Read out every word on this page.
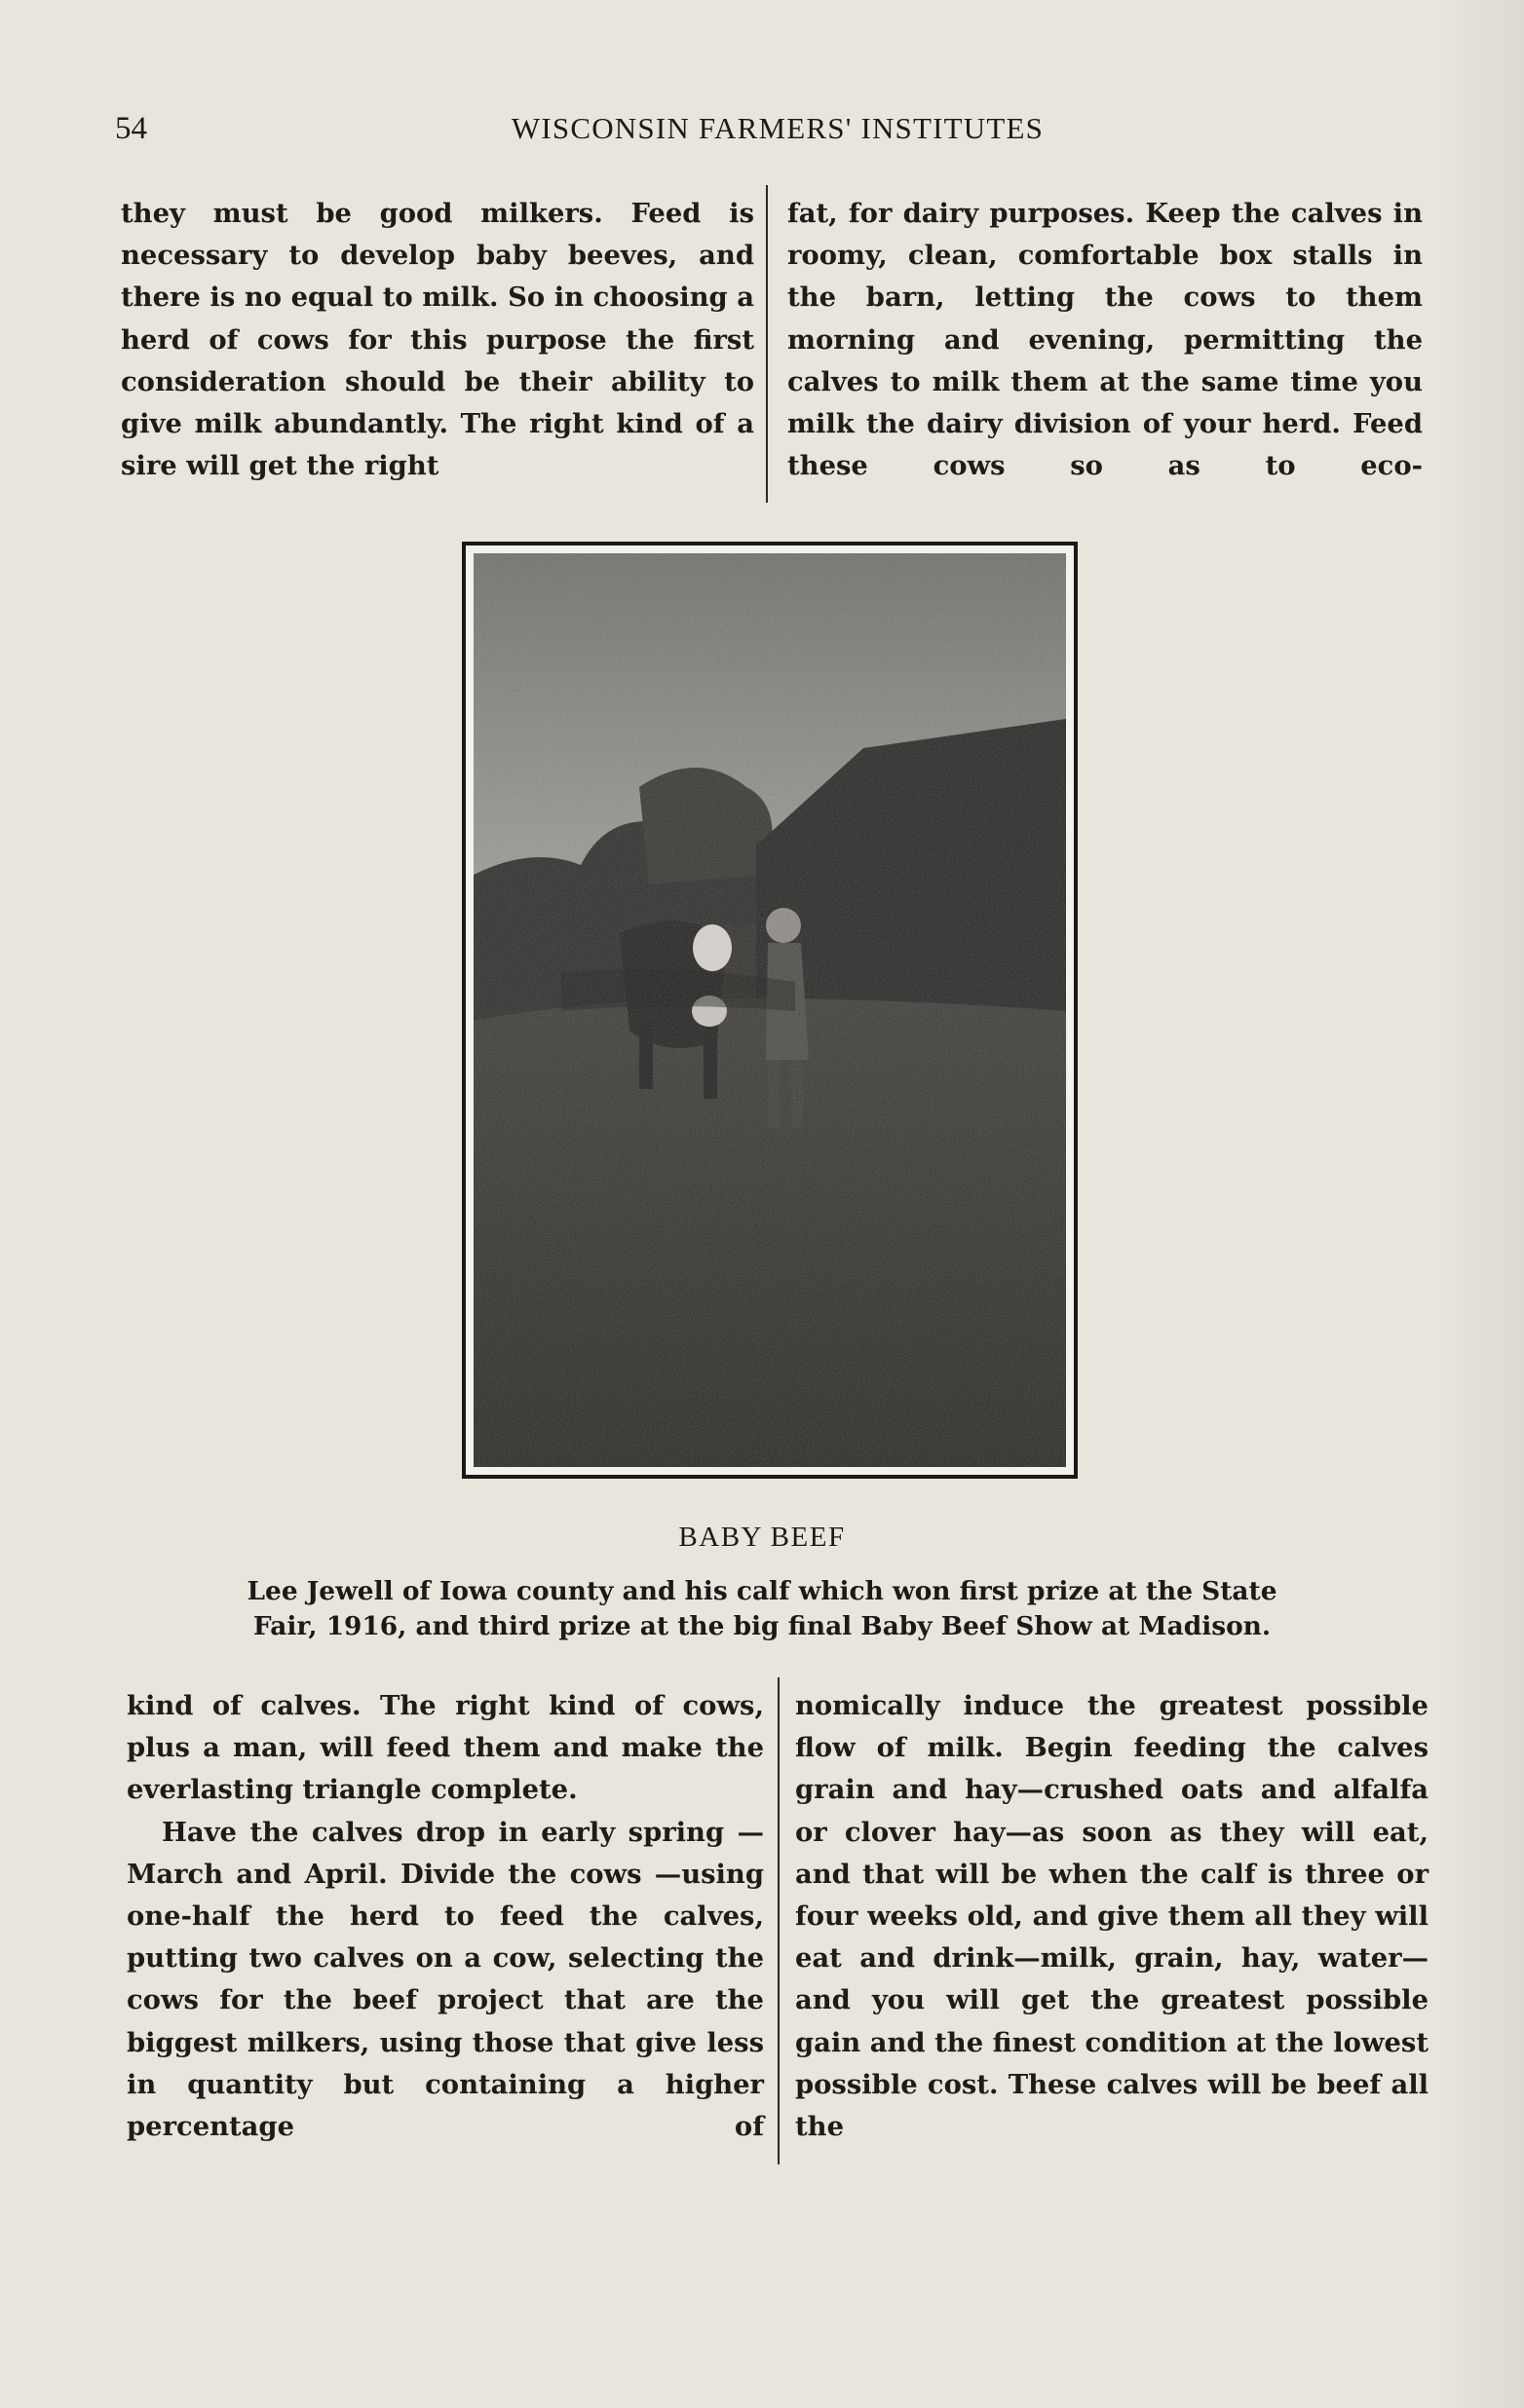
54	WISCONSIN FARMERS' INSTITUTES

they must be good milkers. Feed is necessary to develop baby beeves, and there is no equal to milk. So in choosing a herd of cows for this purpose the first consideration should be their ability to give milk abundantly. The right kind of a sire will get the right

fat, for dairy purposes. Keep the calves in roomy, clean, comfortable box stalls in the barn, letting the cows to them morning and evening, permitting the calves to milk them at the same time you milk the dairy division of your herd. Feed these cows so as to eco-

BABY BEEF
Lee Jewell of Iowa county and his calf which won first prize at the State
Fair, 1916, and third prize at the big final Baby Beef Show at Madison.

kind of calves. The right kind of cows, plus a man, will feed them and make the everlasting triangle complete.

Have the calves drop in early spring —March and April. Divide the cows —using one-half the herd to feed the calves, putting two calves on a cow, selecting the cows for the beef project that are the biggest milkers, using those that give less in quantity but containing a higher percentage of

nomically induce the greatest possible flow of milk. Begin feeding the calves grain and hay—crushed oats and alfalfa or clover hay—as soon as they will eat, and that will be when the calf is three or four weeks old, and give them all they will eat and drink—milk, grain, hay, water—and you will get the greatest possible gain and the finest condition at the lowest possible cost. These calves will be beef all the
